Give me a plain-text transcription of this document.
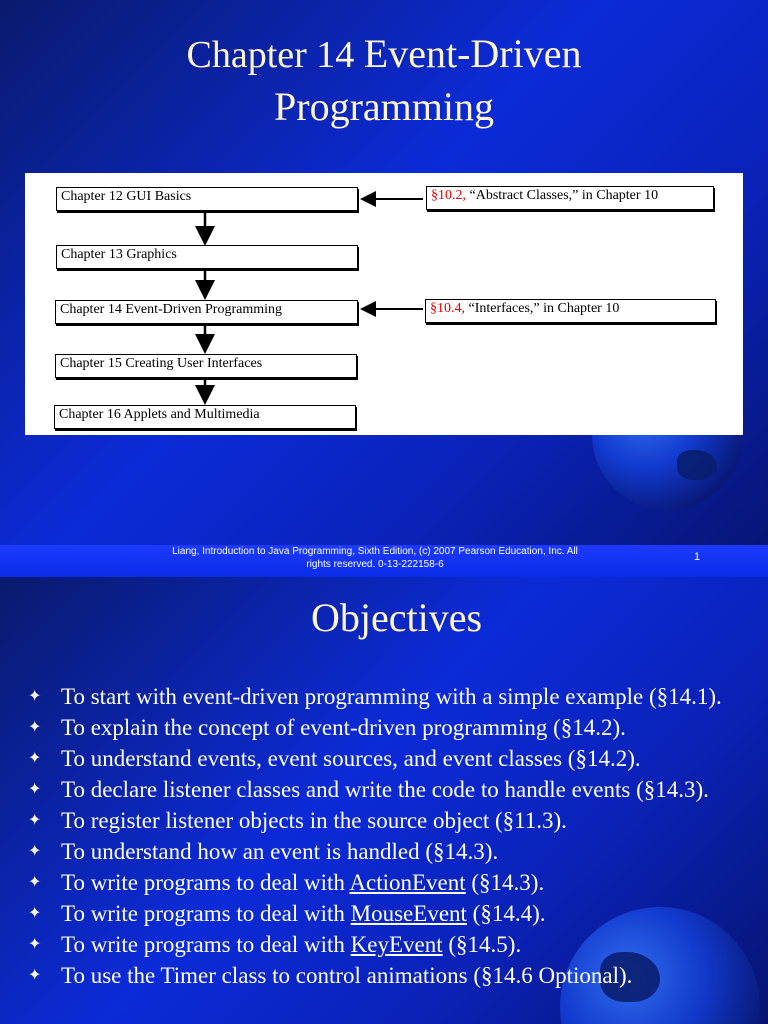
Chapter 14 Event-Driven
Programming
Chapter 12 GUI Basics
Chapter 13 Graphics
Chapter 14 Event-Driven Programming
Chapter 15 Creating User Interfaces
Chapter 16 Applets and Multimedia
§10.2, “Abstract Classes,” in Chapter 10
§10.4, “Interfaces,” in Chapter 10
Liang, Introduction to Java Programming, Sixth Edition, (c) 2007 Pearson Education, Inc. All
rights reserved. 0-13-222158-6
1
Objectives
✦ To start with event-driven programming with a simple example (§14.1).
✦ To explain the concept of event-driven programming (§14.2).
✦ To understand events, event sources, and event classes (§14.2).
✦ To declare listener classes and write the code to handle events (§14.3).
✦ To register listener objects in the source object (§11.3).
✦ To understand how an event is handled (§14.3).
✦ To write programs to deal with ActionEvent (§14.3).
✦ To write programs to deal with MouseEvent (§14.4).
✦ To write programs to deal with KeyEvent (§14.5).
✦ To use the Timer class to control animations (§14.6 Optional).
